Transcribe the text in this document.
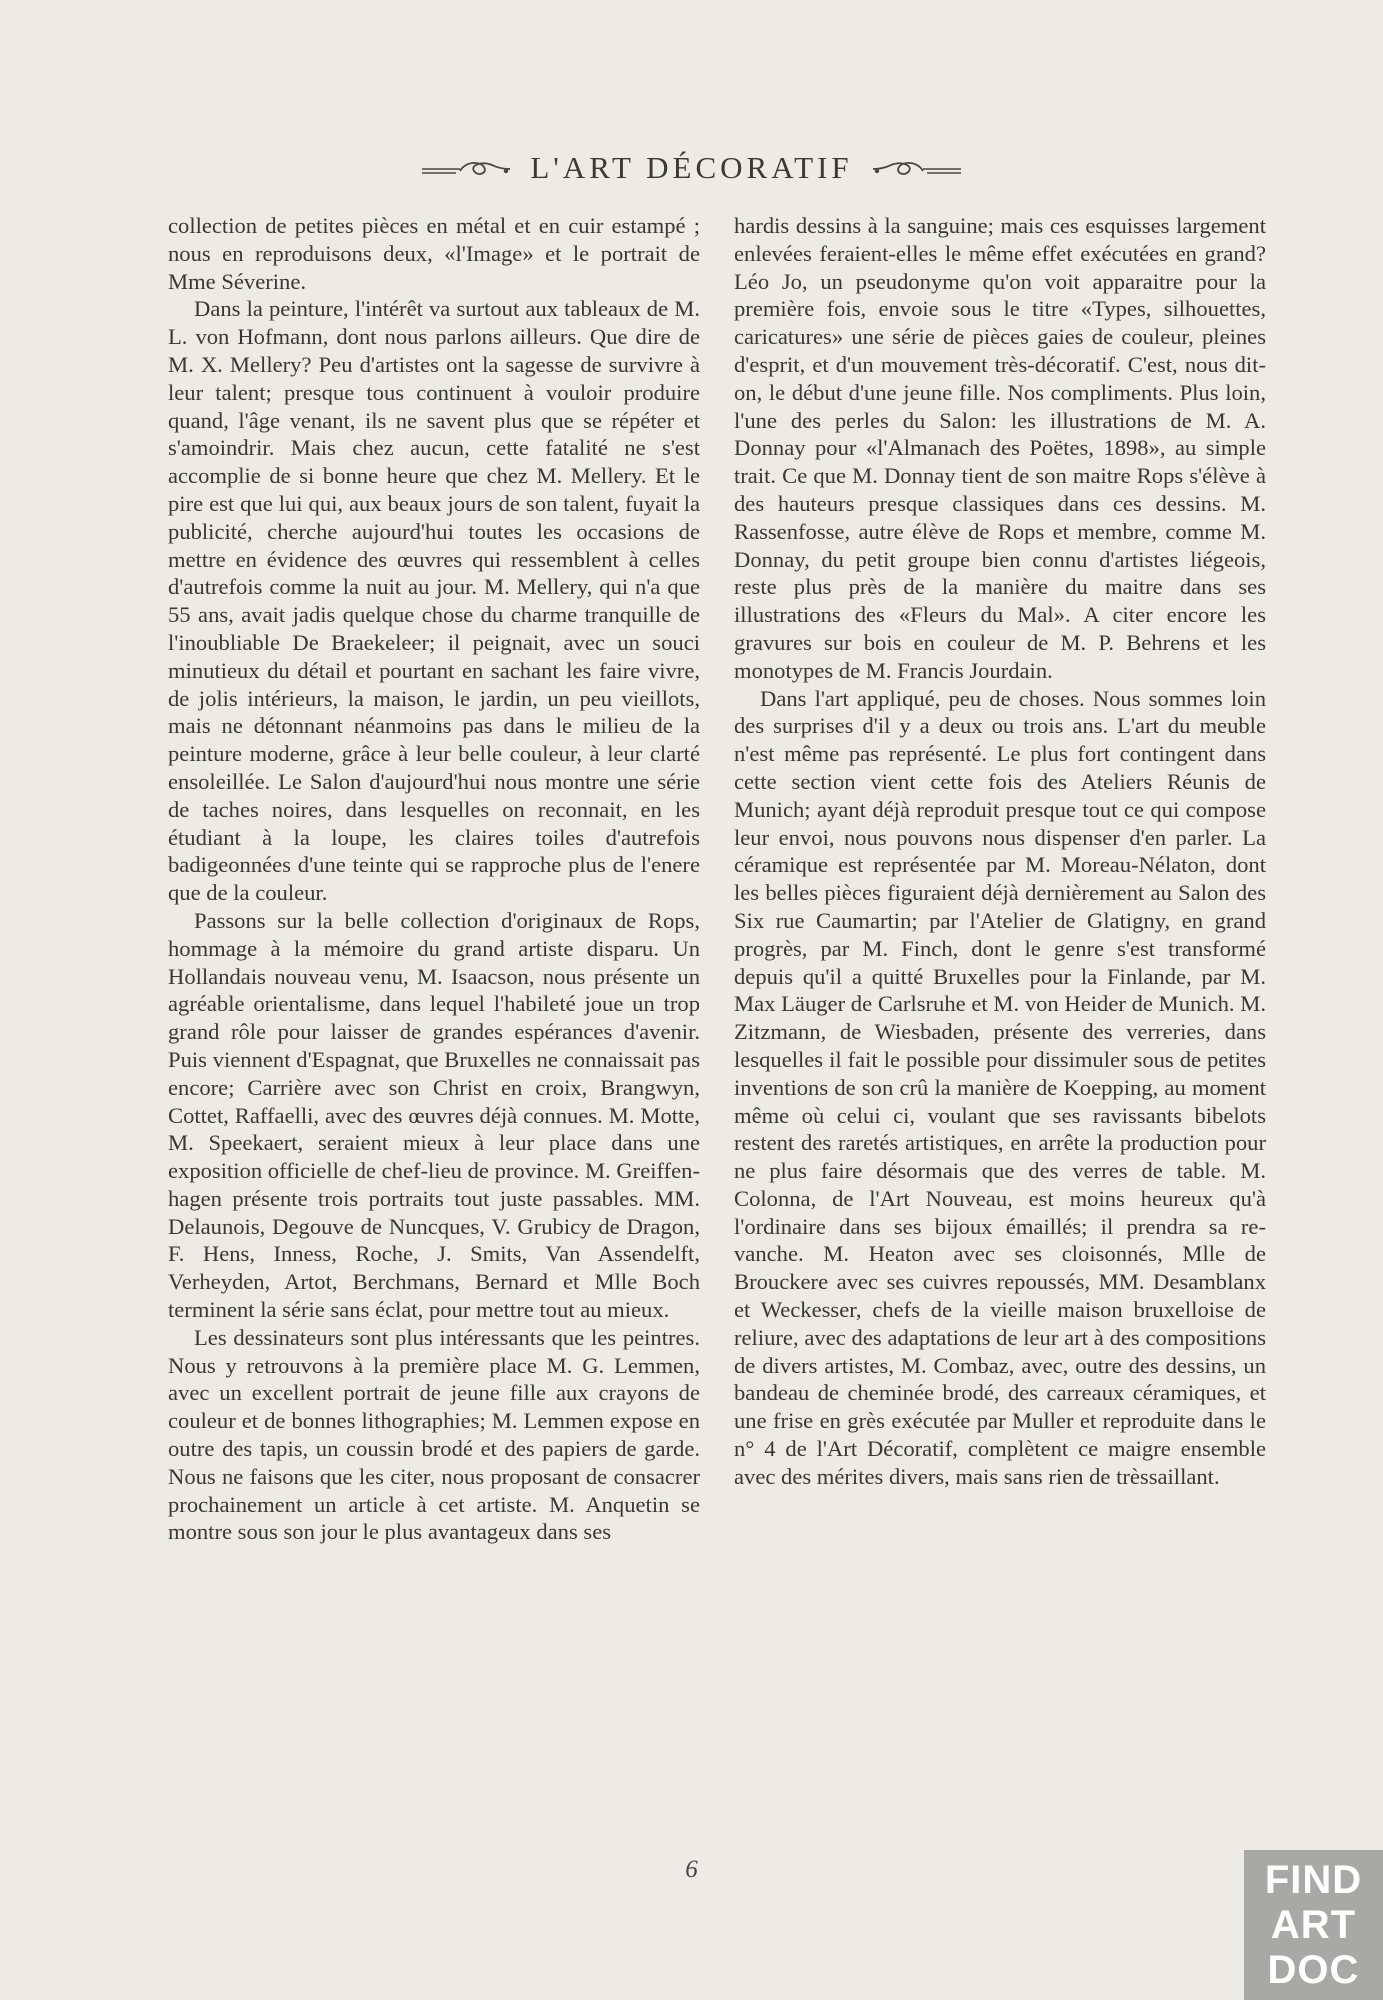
L'ART DÉCORATIF

collection de petites pièces en métal et en cuir estampé ; nous en reproduisons deux, «l'Image» et le portrait de Mme Séverine.

Dans la peinture, l'intérêt va surtout aux tableaux de M. L. von Hofmann, dont nous parlons ailleurs. Que dire de M. X. Mellery? Peu d'artistes ont la sagesse de survivre à leur talent; presque tous continuent à vouloir produire quand, l'âge venant, ils ne savent plus que se répéter et s'amoindrir. Mais chez aucun, cette fatalité ne s'est accomplie de si bonne heure que chez M. Mellery. Et le pire est que lui qui, aux beaux jours de son talent, fuyait la publicité, cherche aujourd'hui toutes les occasions de mettre en évidence des œuvres qui ressemblent à celles d'autrefois comme la nuit au jour. M. Mellery, qui n'a que 55 ans, avait jadis quelque chose du charme tranquille de l'inoubliable De Braekeleer; il peignait, avec un souci minutieux du détail et pourtant en sachant les faire vivre, de jolis intérieurs, la maison, le jardin, un peu vieillots, mais ne détonnant néanmoins pas dans le milieu de la peinture moderne, grâce à leur belle couleur, à leur clarté ensoleillée. Le Salon d'aujourd'hui nous montre une série de taches noires, dans lesquelles on reconnait, en les étudiant à la loupe, les claires toiles d'autrefois badigeonnées d'une teinte qui se rapproche plus de l'enere que de la couleur.

Passons sur la belle collection d'originaux de Rops, hommage à la mémoire du grand artiste disparu. Un Hollandais nouveau venu, M. Isaacson, nous présente un agréable orientalisme, dans lequel l'habileté joue un trop grand rôle pour laisser de grandes espérances d'avenir. Puis viennent d'Espagnat, que Bruxelles ne connaissait pas encore; Carrière avec son Christ en croix, Brangwyn, Cottet, Raffaelli, avec des œuvres déjà connues. M. Motte, M. Speekaert, seraient mieux à leur place dans une exposition officielle de chef-lieu de province. M. Greiffenhagen présente trois portraits tout juste passables. MM. Delaunois, Degouve de Nuncques, V. Grubicy de Dragon, F. Hens, Inness, Roche, J. Smits, Van Assendelft, Verheyden, Artot, Berchmans, Bernard et Mlle Boch terminent la série sans éclat, pour mettre tout au mieux.

Les dessinateurs sont plus intéressants que les peintres. Nous y retrouvons à la première place M. G. Lemmen, avec un excellent portrait de jeune fille aux crayons de couleur et de bonnes lithographies; M. Lemmen expose en outre des tapis, un coussin brodé et des papiers de garde. Nous ne faisons que les citer, nous proposant de consacrer prochainement un article à cet artiste. M. Anquetin se montre sous son jour le plus avantageux dans ses

hardis dessins à la sanguine; mais ces esquisses largement enlevées feraient-elles le même effet exécutées en grand? Léo Jo, un pseudonyme qu'on voit apparaitre pour la première fois, envoie sous le titre «Types, silhouettes, caricatures» une série de pièces gaies de couleur, pleines d'esprit, et d'un mouvement très-décoratif. C'est, nous dit-on, le début d'une jeune fille. Nos compliments. Plus loin, l'une des perles du Salon: les illustrations de M. A. Donnay pour «l'Almanach des Poëtes, 1898», au simple trait. Ce que M. Donnay tient de son maitre Rops s'élève à des hauteurs presque classiques dans ces dessins. M. Rassenfosse, autre élève de Rops et membre, comme M. Donnay, du petit groupe bien connu d'artistes liégeois, reste plus près de la manière du maitre dans ses illustrations des «Fleurs du Mal». A citer encore les gravures sur bois en couleur de M. P. Behrens et les monotypes de M. Francis Jourdain.

Dans l'art appliqué, peu de choses. Nous sommes loin des surprises d'il y a deux ou trois ans. L'art du meuble n'est même pas représenté. Le plus fort contingent dans cette section vient cette fois des Ateliers Réunis de Munich; ayant déjà reproduit presque tout ce qui compose leur envoi, nous pouvons nous dispenser d'en parler. La céramique est représentée par M. Moreau-Nélaton, dont les belles pièces figuraient déjà dernièrement au Salon des Six rue Caumartin; par l'Atelier de Glatigny, en grand progrès, par M. Finch, dont le genre s'est transformé depuis qu'il a quitté Bruxelles pour la Finlande, par M. Max Läuger de Carlsruhe et M. von Heider de Munich. M. Zitzmann, de Wiesbaden, présente des verreries, dans lesquelles il fait le possible pour dissimuler sous de petites inventions de son crû la manière de Koepping, au moment même où celui ci, voulant que ses ravissants bibelots restent des raretés artistiques, en arrête la production pour ne plus faire désormais que des verres de table. M. Colonna, de l'Art Nouveau, est moins heureux qu'à l'ordinaire dans ses bijoux émaillés; il prendra sa revanche. M. Heaton avec ses cloisonnés, Mlle de Brouckere avec ses cuivres repoussés, MM. Desamblanx et Weckesser, chefs de la vieille maison bruxelloise de reliure, avec des adaptations de leur art à des compositions de divers artistes, M. Combaz, avec, outre des dessins, un bandeau de cheminée brodé, des carreaux céramiques, et une frise en grès exécutée par Muller et reproduite dans le n° 4 de l'Art Décoratif, complètent ce maigre ensemble avec des mérites divers, mais sans rien de trèssaillant.

6	FIND
ART
DOC
